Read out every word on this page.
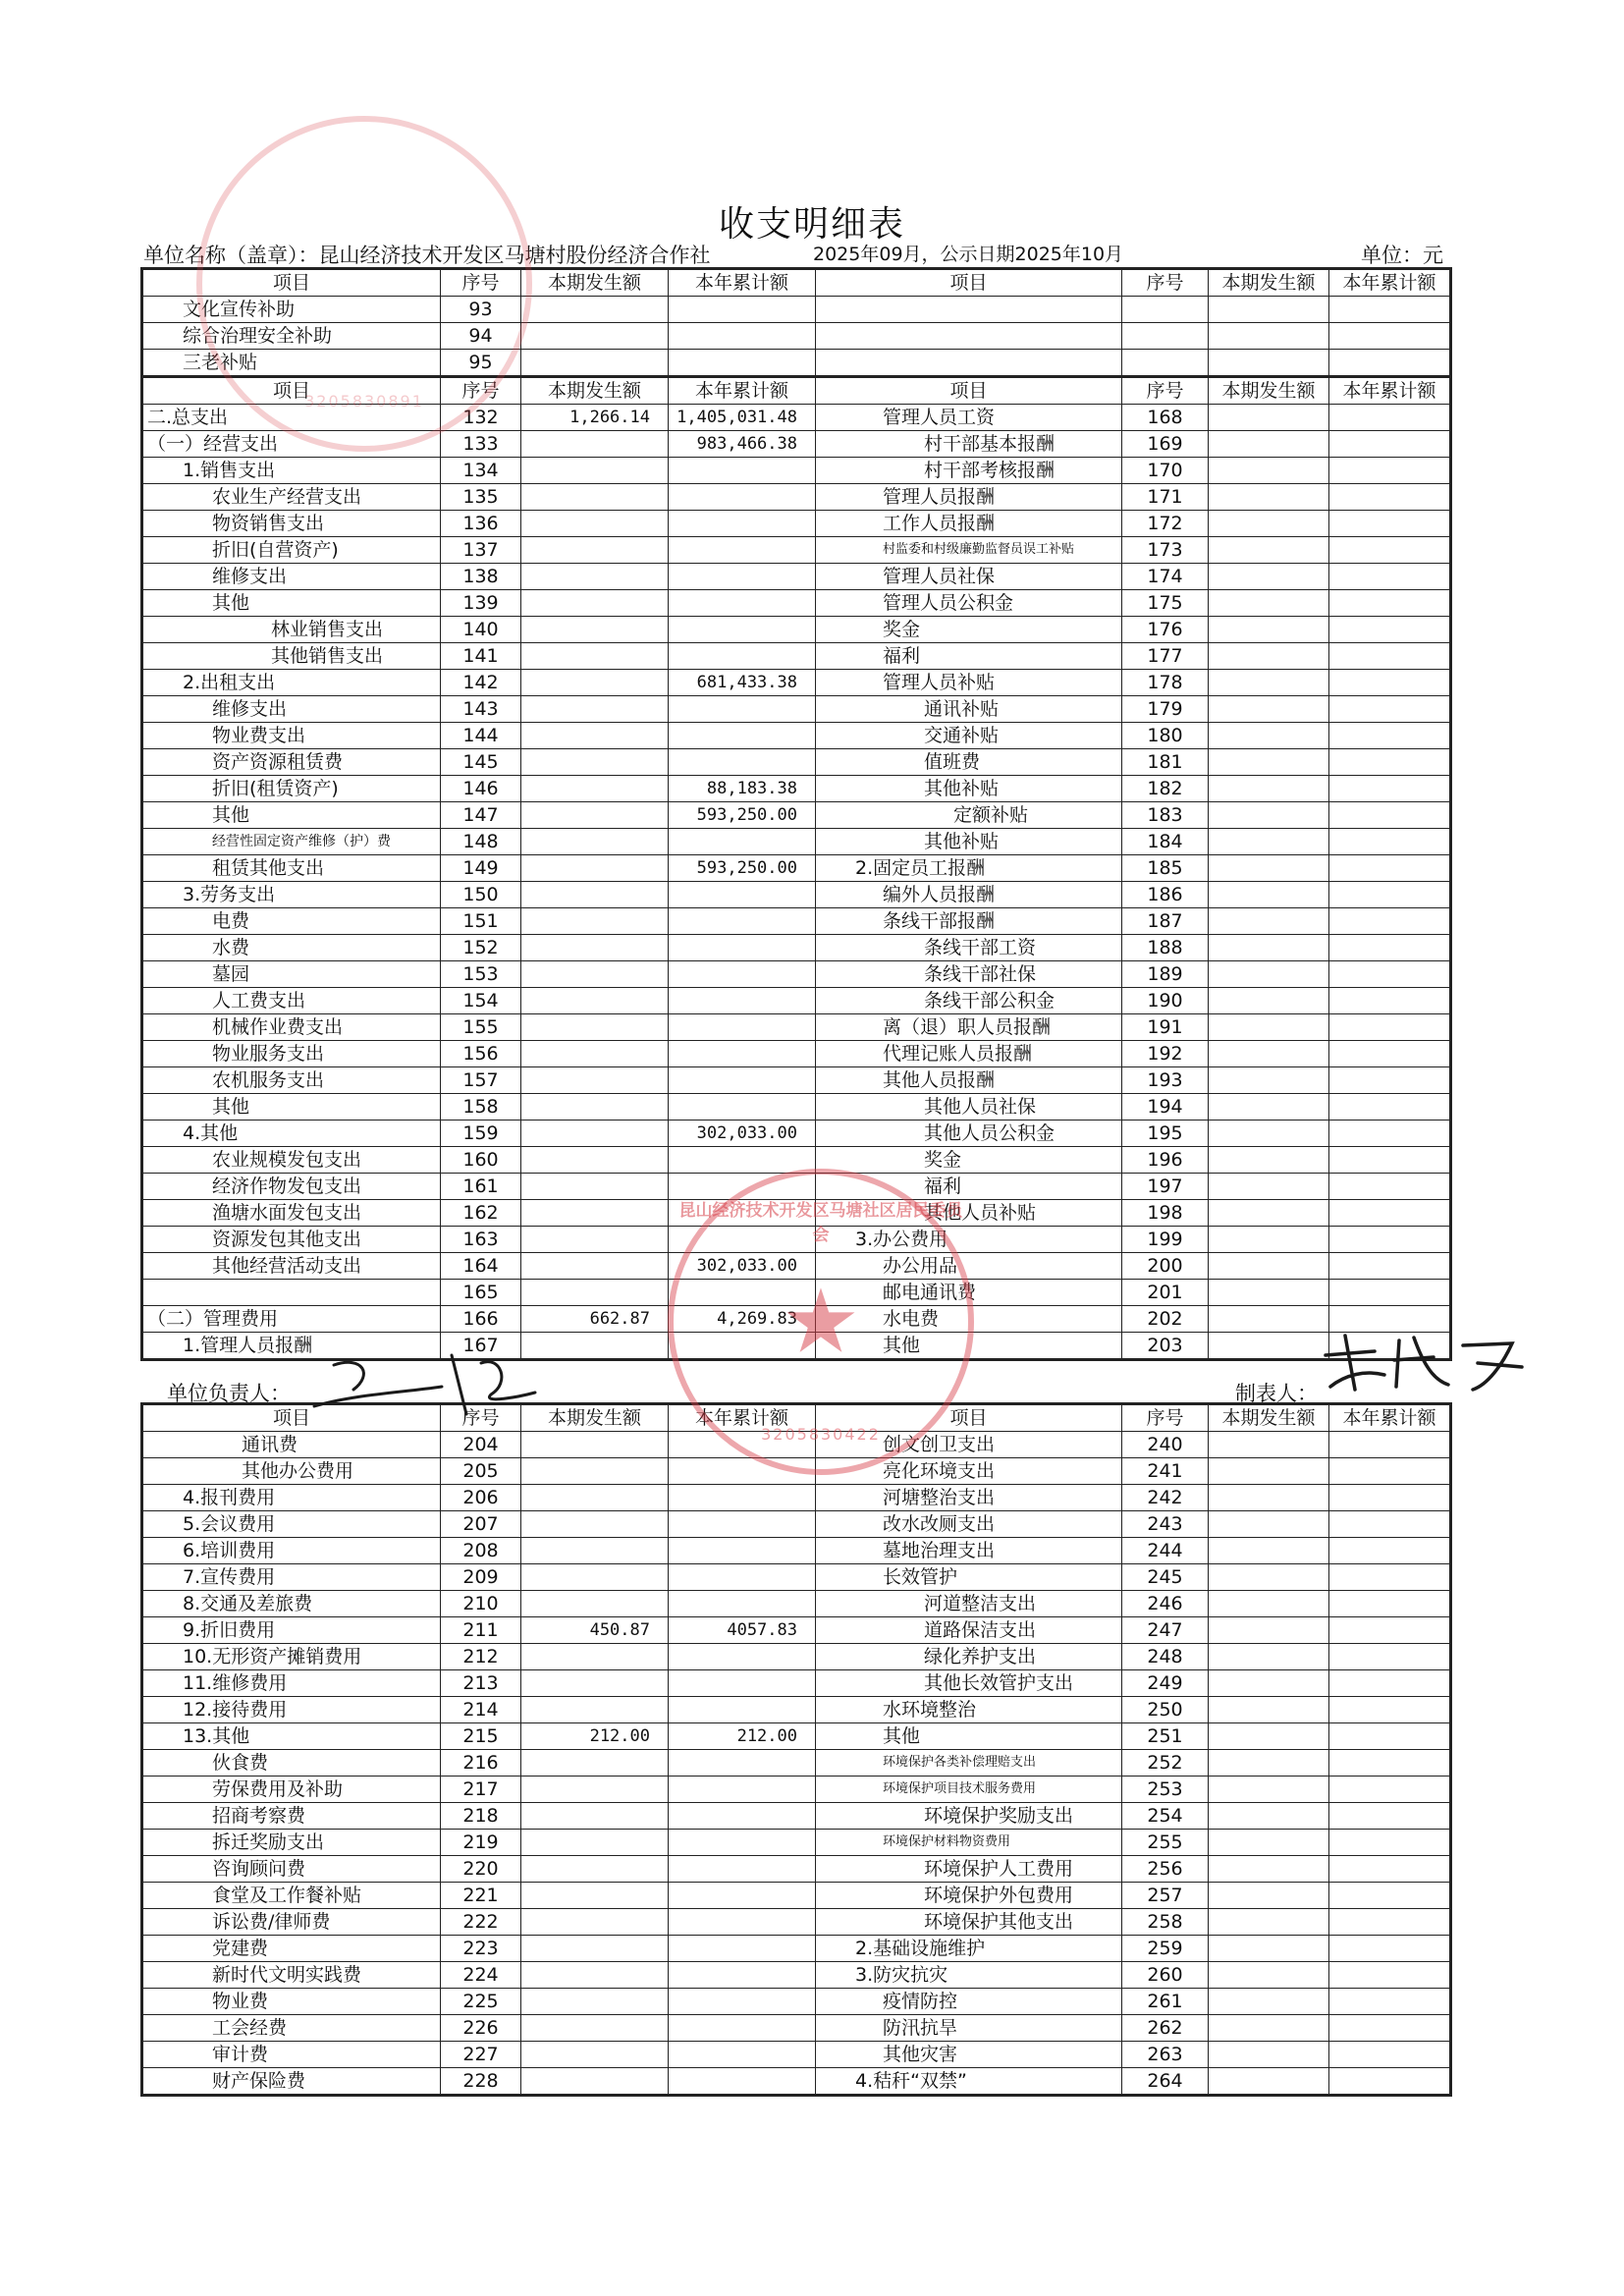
收支明细表
单位名称（盖章）：昆山经济技术开发区马塘村股份经济合作社	2025年09月，公示日期2025年10月	单位：元
项目	序号	本期发生额	本年累计额	项目	序号	本期发生额	本年累计额
文化宣传补助	93						
综合治理安全补助	94						
三老补贴	95						
项目	序号	本期发生额	本年累计额	项目	序号	本期发生额	本年累计额
二.总支出	132	1,266.14	1,405,031.48	管理人员工资	168		
（一）经营支出	133		983,466.38	村干部基本报酬	169		
1.销售支出	134			村干部考核报酬	170		
农业生产经营支出	135			管理人员报酬	171		
物资销售支出	136			工作人员报酬	172		
折旧(自营资产)	137			村监委和村级廉勤监督员误工补贴	173		
维修支出	138			管理人员社保	174		
其他	139			管理人员公积金	175		
林业销售支出	140			奖金	176		
其他销售支出	141			福利	177		
2.出租支出	142		681,433.38	管理人员补贴	178		
维修支出	143			通讯补贴	179		
物业费支出	144			交通补贴	180		
资产资源租赁费	145			值班费	181		
折旧(租赁资产)	146		88,183.38	其他补贴	182		
其他	147		593,250.00	定额补贴	183		
经营性固定资产维修（护）费	148			其他补贴	184		
租赁其他支出	149		593,250.00	2.固定员工报酬	185		
3.劳务支出	150			编外人员报酬	186		
电费	151			条线干部报酬	187		
水费	152			条线干部工资	188		
墓园	153			条线干部社保	189		
人工费支出	154			条线干部公积金	190		
机械作业费支出	155			离（退）职人员报酬	191		
物业服务支出	156			代理记账人员报酬	192		
农机服务支出	157			其他人员报酬	193		
其他	158			其他人员社保	194		
4.其他	159		302,033.00	其他人员公积金	195		
农业规模发包支出	160			奖金	196		
经济作物发包支出	161			福利	197		
渔塘水面发包支出	162			其他人员补贴	198		
资源发包其他支出	163			3.办公费用	199		
其他经营活动支出	164		302,033.00	办公用品	200		
	165			邮电通讯费	201		
（二）管理费用	166	662.87	4,269.83	水电费	202		
1.管理人员报酬	167			其他	203		
单位负责人：	制表人：
项目	序号	本期发生额	本年累计额	项目	序号	本期发生额	本年累计额
通讯费	204			创文创卫支出	240		
其他办公费用	205			亮化环境支出	241		
4.报刊费用	206			河塘整治支出	242		
5.会议费用	207			改水改厕支出	243		
6.培训费用	208			墓地治理支出	244		
7.宣传费用	209			长效管护	245		
8.交通及差旅费	210			河道整洁支出	246		
9.折旧费用	211	450.87	4057.83	道路保洁支出	247		
10.无形资产摊销费用	212			绿化养护支出	248		
11.维修费用	213			其他长效管护支出	249		
12.接待费用	214			水环境整治	250		
13.其他	215	212.00	212.00	其他	251		
伙食费	216			环境保护各类补偿理赔支出	252		
劳保费用及补助	217			环境保护项目技术服务费用	253		
招商考察费	218			环境保护奖励支出	254		
拆迁奖励支出	219			环境保护材料物资费用	255		
咨询顾问费	220			环境保护人工费用	256		
食堂及工作餐补贴	221			环境保护外包费用	257		
诉讼费/律师费	222			环境保护其他支出	258		
党建费	223			2.基础设施维护	259		
新时代文明实践费	224			3.防灾抗灾	260		
物业费	225			疫情防控	261		
工会经费	226			防汛抗旱	262		
审计费	227			其他灾害	263		
财产保险费	228			4.秸秆“双禁”	264		
3205830891
昆山经济技术开发区马塘社区居民委员会
★
3205830422
